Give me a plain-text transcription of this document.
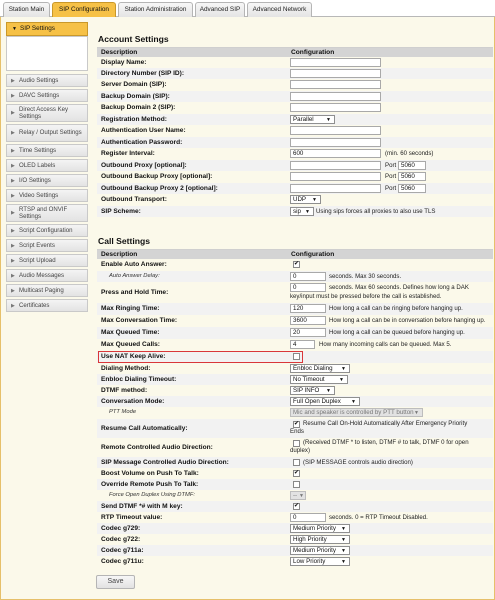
Station Main	SIP Configuration	Station Administration	Advanced SIP	Advanced Network
▼ SIP Settings
▶ Audio Settings
▶ DAVC Settings
▶
Direct Access Key Settings
▶ Relay / Output Settings
▶ Time Settings
▶ OLED Labels
▶ I/O Settings
▶ Video Settings
▶
RTSP and ONVIF Settings
▶ Script Configuration
▶ Script Events
▶ Script Upload
▶ Audio Messages
▶ Multicast Paging
▶ Certificates
Account Settings
Description	Configuration
Display Name:
Directory Number (SIP ID):
Server Domain (SIP):
Backup Domain (SIP):
Backup Domain 2 (SIP):
Registration Method:	Parallel ▼
Authentication User Name:
Authentication Password:
Register Interval:	600	(min. 60 seconds)
Outbound Proxy [optional]:	Port 5060
Outbound Backup Proxy [optional]:	Port 5060
Outbound Backup Proxy 2 [optional]:	Port 5060
Outbound Transport:	UDP ▼
SIP Scheme:	sip ▼ Using sips forces all proxies to also use TLS
Call Settings
Description	Configuration
Enable Auto Answer:	✔
Auto Answer Delay:	0	seconds. Max 30 seconds.
Press and Hold Time:
0	seconds. Max 60 seconds. Defines how long a DAK
key/input must be pressed before the call is established.
Max Ringing Time:	120	How long a call can be ringing before hanging up.
Max Conversation Time:	3600	How long a call can be in conversation before hanging up.
Max Queued Time:	20	How long a call can be queued before hanging up.
Max Queued Calls:	4	How many incoming calls can be queued. Max 5.
Use NAT Keep Alive:
Dialing Method:	Enbloc Dialing ▼
Enbloc Dialing Timeout:	No Timeout	▼
DTMF method:	SIP INFO ▼
Conversation Mode:	Full Open Duplex ▼
PTT Mode	Mic and speaker is controlled by PTT button ▼
Resume Call Automatically:
✔ Resume Call On-Hold Automatically After Emergency Priority
Ends
Remote Controlled Audio Direction:
(Received DTMF * to listen, DTMF # to talk, DTMF 0 for open
duplex)
SIP Message Controlled Audio Direction:	(SIP MESSAGE controls audio direction)
Boost Volume on Push To Talk:	✔
Override Remote Push To Talk:
Force Open Duplex Using DTMF:	-- ▼
Send DTMF *# with M key:	✔
RTP Timeout value:	0	seconds. 0 = RTP Timeout Disabled.
Codec g729:	Medium Priority ▼
Codec g722:	High Priority	▼
Codec g711a:	Medium Priority ▼
Codec g711u:	Low Priority	▼
Save
